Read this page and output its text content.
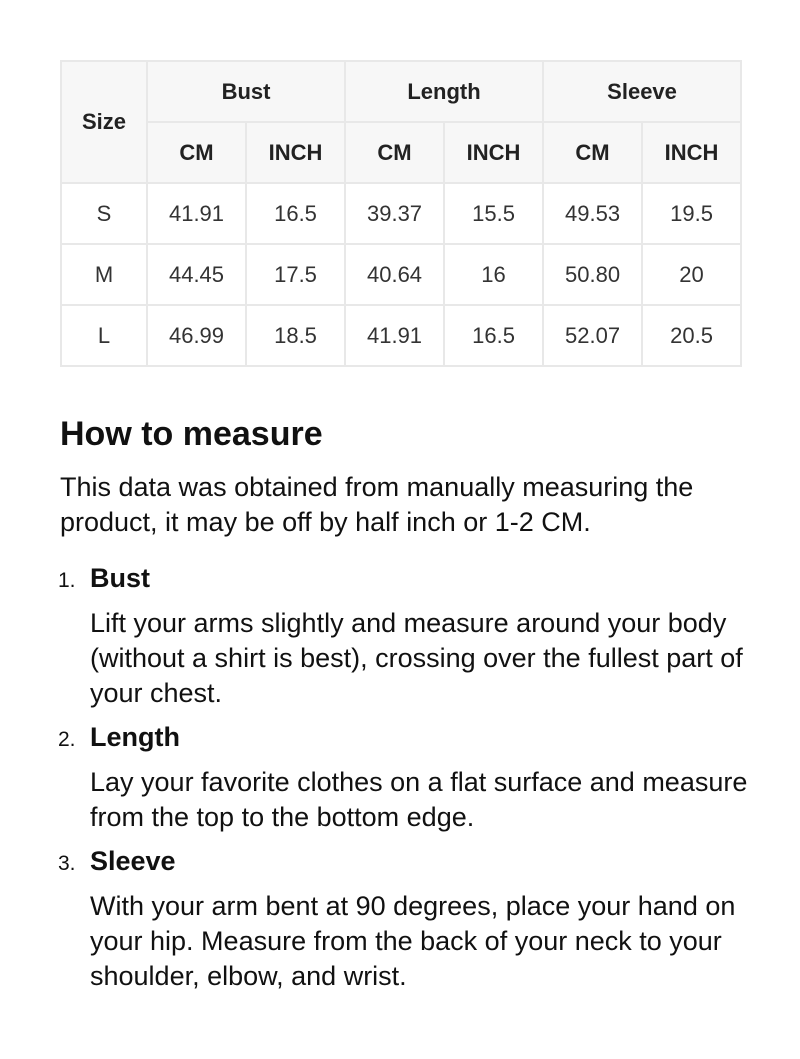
Size	Bust		Length		Sleeve	
	CM	INCH	CM	INCH	CM	INCH
S	41.91	16.5	39.37	15.5	49.53	19.5
M	44.45	17.5	40.64	16	50.80	20
L	46.99	18.5	41.91	16.5	52.07	20.5
How to measure

This data was obtained from manually measuring the product, it may be off by half inch or 1-2 CM.

1. Bust
Lift your arms slightly and measure around your body (without a shirt is best), crossing over the fullest part of your chest.
2. Length
Lay your favorite clothes on a flat surface and measure from the top to the bottom edge.
3. Sleeve
With your arm bent at 90 degrees, place your hand on your hip. Measure from the back of your neck to your shoulder, elbow, and wrist.
